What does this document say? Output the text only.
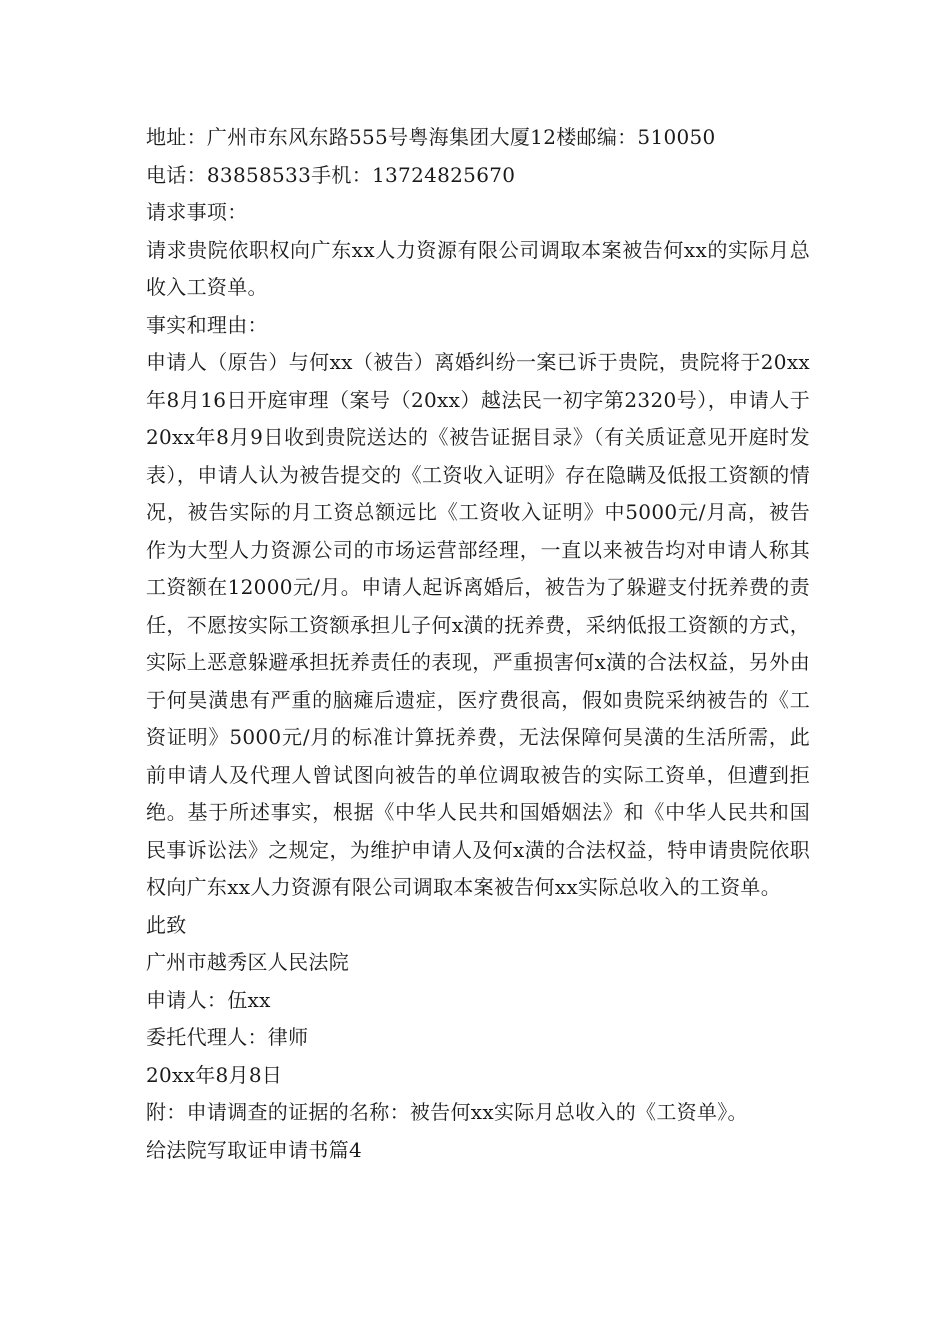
地址：广州市东风东路555号粤海集团大厦12楼邮编：510050
电话：83858533手机：13724825670
请求事项：
请求贵院依职权向广东xx人力资源有限公司调取本案被告何xx的实际月总收入工资单。
事实和理由：
申请人（原告）与何xx（被告）离婚纠纷一案已诉于贵院，贵院将于20xx年8月16日开庭审理（案号（20xx）越法民一初字第2320号），申请人于20xx年8月9日收到贵院送达的《被告证据目录》（有关质证意见开庭时发表），申请人认为被告提交的《工资收入证明》存在隐瞒及低报工资额的情况，被告实际的月工资总额远比《工资收入证明》中5000元/月高，被告作为大型人力资源公司的市场运营部经理，一直以来被告均对申请人称其工资额在12000元/月。申请人起诉离婚后，被告为了躲避支付抚养费的责任，不愿按实际工资额承担儿子何x潢的抚养费，采纳低报工资额的方式，实际上恶意躲避承担抚养责任的表现，严重损害何x潢的合法权益，另外由于何昊潢患有严重的脑瘫后遗症，医疗费很高，假如贵院采纳被告的《工资证明》5000元/月的标准计算抚养费，无法保障何昊潢的生活所需，此前申请人及代理人曾试图向被告的单位调取被告的实际工资单，但遭到拒绝。基于所述事实，根据《中华人民共和国婚姻法》和《中华人民共和国民事诉讼法》之规定，为维护申请人及何x潢的合法权益，特申请贵院依职权向广东xx人力资源有限公司调取本案被告何xx实际总收入的工资单。
此致
广州市越秀区人民法院
申请人：伍xx
委托代理人：律师
20xx年8月8日
附：申请调查的证据的名称：被告何xx实际月总收入的《工资单》。
给法院写取证申请书篇4
